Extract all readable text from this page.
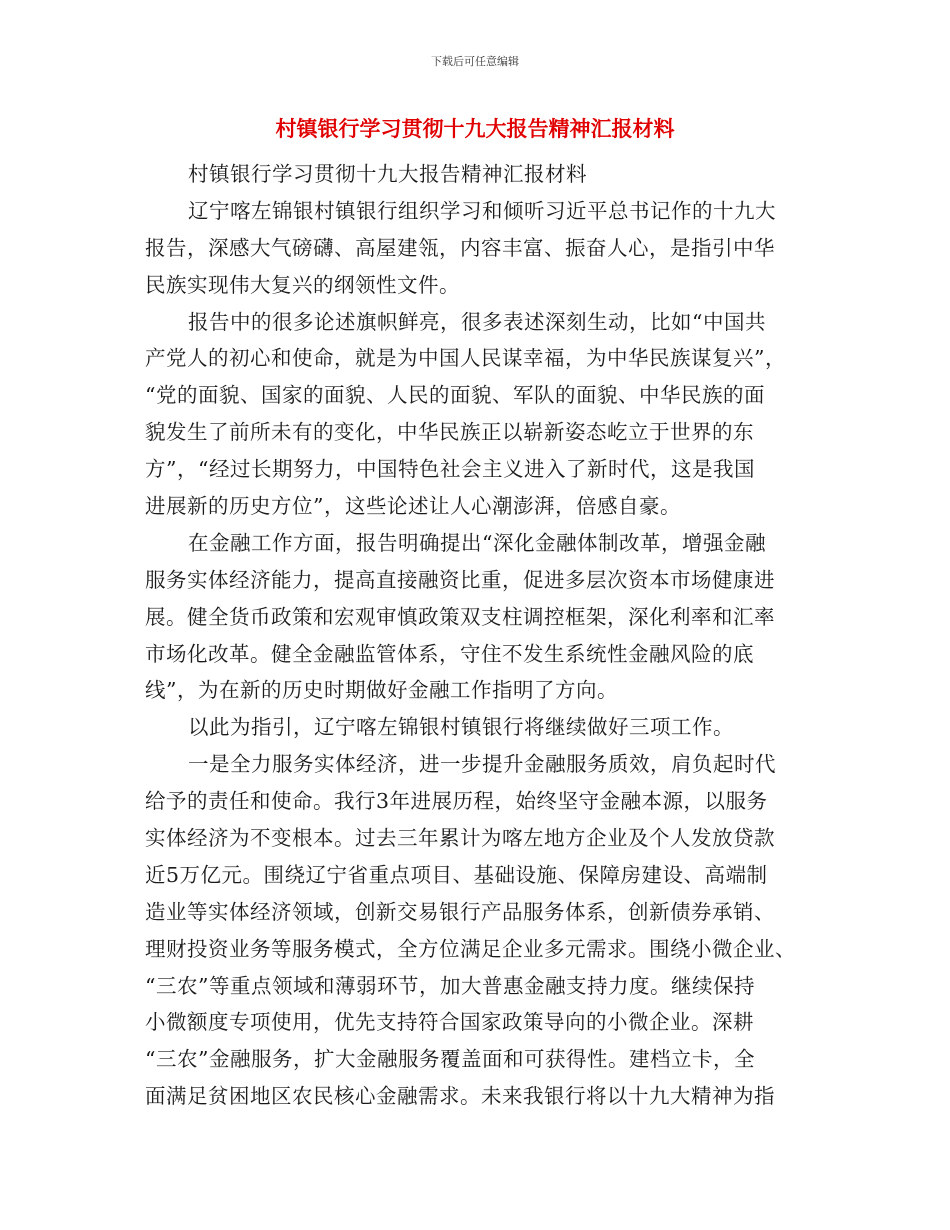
下载后可任意编辑
村镇银行学习贯彻十九大报告精神汇报材料
村镇银行学习贯彻十九大报告精神汇报材料
辽宁喀左锦银村镇银行组织学习和倾听习近平总书记作的十九大
报告，深感大气磅礴、高屋建瓴，内容丰富、振奋人心，是指引中华
民族实现伟大复兴的纲领性文件。
报告中的很多论述旗帜鲜亮，很多表述深刻生动，比如“中国共
产党人的初心和使命，就是为中国人民谋幸福，为中华民族谋复兴”，
“党的面貌、国家的面貌、人民的面貌、军队的面貌、中华民族的面
貌发生了前所未有的变化，中华民族正以崭新姿态屹立于世界的东
方”，“经过长期努力，中国特色社会主义进入了新时代，这是我国
进展新的历史方位”，这些论述让人心潮澎湃，倍感自豪。
在金融工作方面，报告明确提出“深化金融体制改革，增强金融
服务实体经济能力，提高直接融资比重，促进多层次资本市场健康进
展。健全货币政策和宏观审慎政策双支柱调控框架，深化利率和汇率
市场化改革。健全金融监管体系，守住不发生系统性金融风险的底
线”，为在新的历史时期做好金融工作指明了方向。
以此为指引，辽宁喀左锦银村镇银行将继续做好三项工作。
一是全力服务实体经济，进一步提升金融服务质效，肩负起时代
给予的责任和使命。我行3年进展历程，始终坚守金融本源，以服务
实体经济为不变根本。过去三年累计为喀左地方企业及个人发放贷款
近5万亿元。围绕辽宁省重点项目、基础设施、保障房建设、高端制
造业等实体经济领域，创新交易银行产品服务体系，创新债券承销、
理财投资业务等服务模式，全方位满足企业多元需求。围绕小微企业、
“三农”等重点领域和薄弱环节，加大普惠金融支持力度。继续保持
小微额度专项使用，优先支持符合国家政策导向的小微企业。深耕
“三农”金融服务，扩大金融服务覆盖面和可获得性。建档立卡，全
面满足贫困地区农民核心金融需求。未来我银行将以十九大精神为指
